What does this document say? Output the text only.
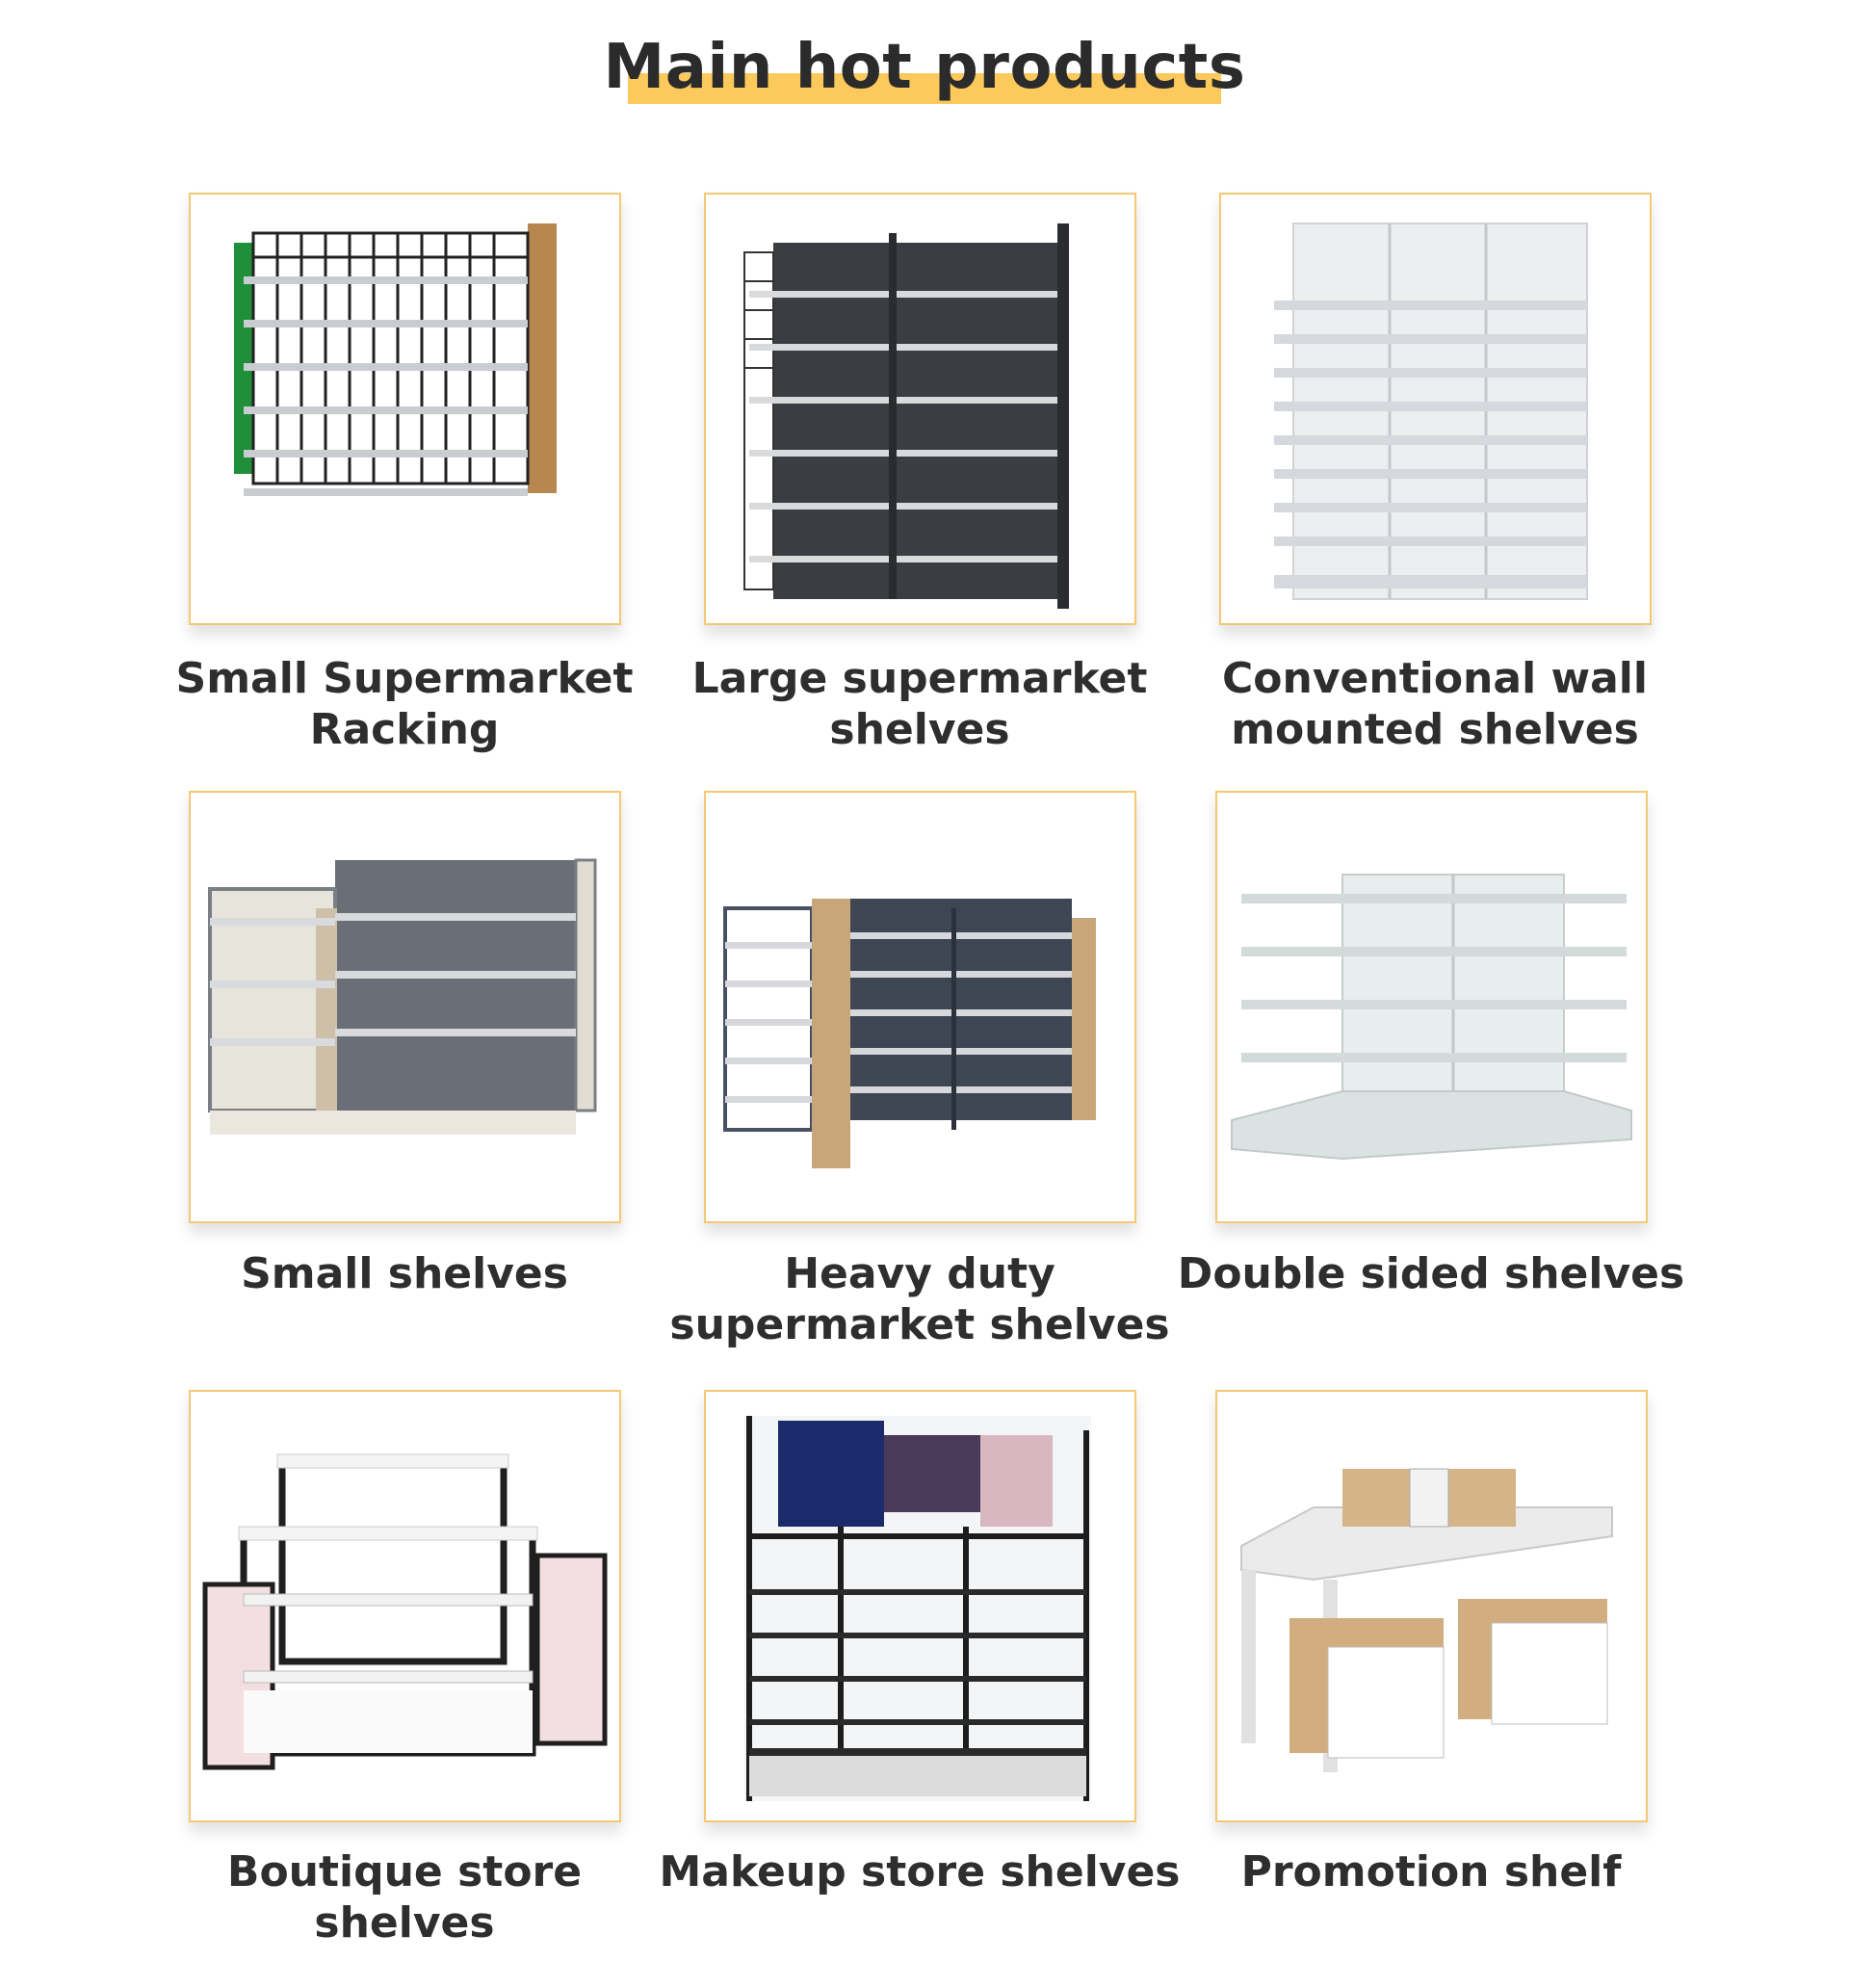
Main hot products
Small Supermarket Racking
Large supermarket shelves
Conventional wall mounted shelves
Small shelves	Heavy duty supermarket shelves
Double sided shelves
Boutique store shelves
Makeup store shelves	Promotion shelf
